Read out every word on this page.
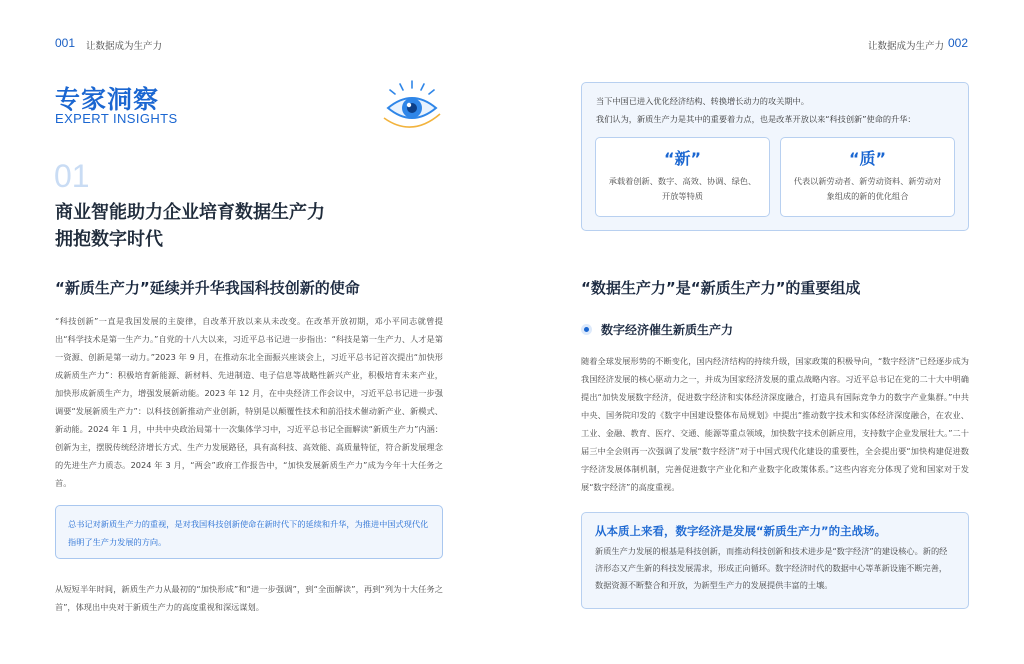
001 让数据成为生产力	让数据成为生产力 002
专家洞察
EXPERT INSIGHTS
01
商业智能助力企业培育数据生产力
拥抱数字时代
“新质生产力”延续并升华我国科技创新的使命
“科技创新”一直是我国发展的主旋律，自改革开放以来从未改变。在改革开放初期，邓小平同志就曾提出“科学技术是第一生产力。”自党的十八大以来，习近平总书记进一步指出：“科技是第一生产力、人才是第一资源、创新是第一动力。”2023 年 9 月，在推动东北全面振兴座谈会上，习近平总书记首次提出“加快形成新质生产力”：积极培育新能源、新材料、先进制造、电子信息等战略性新兴产业，积极培育未来产业，加快形成新质生产力，增强发展新动能。2023 年 12 月，在中央经济工作会议中，习近平总书记进一步强调要“发展新质生产力”：以科技创新推动产业创新，特别是以颠覆性技术和前沿技术催动新产业、新模式、新动能。2024 年 1 月，中共中央政治局第十一次集体学习中，习近平总书记全面解读“新质生产力”内涵：创新为主，摆脱传统经济增长方式、生产力发展路径，具有高科技、高效能、高质量特征，符合新发展理念的先进生产力质态。2024 年 3 月，“两会”政府工作报告中，“加快发展新质生产力”成为今年十大任务之首。
总书记对新质生产力的重视，是对我国科技创新使命在新时代下的延续和升华，为推进中国式现代化指明了生产力发展的方向。
从短短半年时间，新质生产力从最初的“加快形成”和“进一步强调”，到“全面解读”，再到“列为十大任务之首”，体现出中央对于新质生产力的高度重视和深远谋划。
当下中国已进入优化经济结构、转换增长动力的攻关期中。
我们认为，新质生产力是其中的重要着力点，也是改革开放以来“科技创新”使命的升华：
“新”
承载着创新、数字、高效、协调、绿色、开放等特质
“质”
代表以新劳动者、新劳动资料、新劳动对象组成的新的优化组合
“数据生产力”是“新质生产力”的重要组成
数字经济催生新质生产力
随着全球发展形势的不断变化，国内经济结构的持续升级，国家政策的积极导向，“数字经济”已经逐步成为我国经济发展的核心驱动力之一，并成为国家经济发展的重点战略内容。习近平总书记在党的二十大中明确提出“加快发展数字经济，促进数字经济和实体经济深度融合，打造具有国际竞争力的数字产业集群。”中共中央、国务院印发的《数字中国建设整体布局规划》中提出“推动数字技术和实体经济深度融合，在农业、工业、金融、教育、医疗、交通、能源等重点领域，加快数字技术创新应用，支持数字企业发展壮大。”二十届三中全会则再一次强调了发展“数字经济”对于中国式现代化建设的重要性，全会提出要“加快构建促进数字经济发展体制机制，完善促进数字产业化和产业数字化政策体系。”这些内容充分体现了党和国家对于发展“数字经济”的高度重视。
从本质上来看，数字经济是发展“新质生产力”的主战场。
新质生产力发展的根基是科技创新，而推动科技创新和技术进步是“数字经济”的建设核心。新的经济形态又产生新的科技发展需求，形成正向循环。数字经济时代的数据中心等革新设施不断完善，数据资源不断整合和开放，为新型生产力的发展提供丰富的土壤。
